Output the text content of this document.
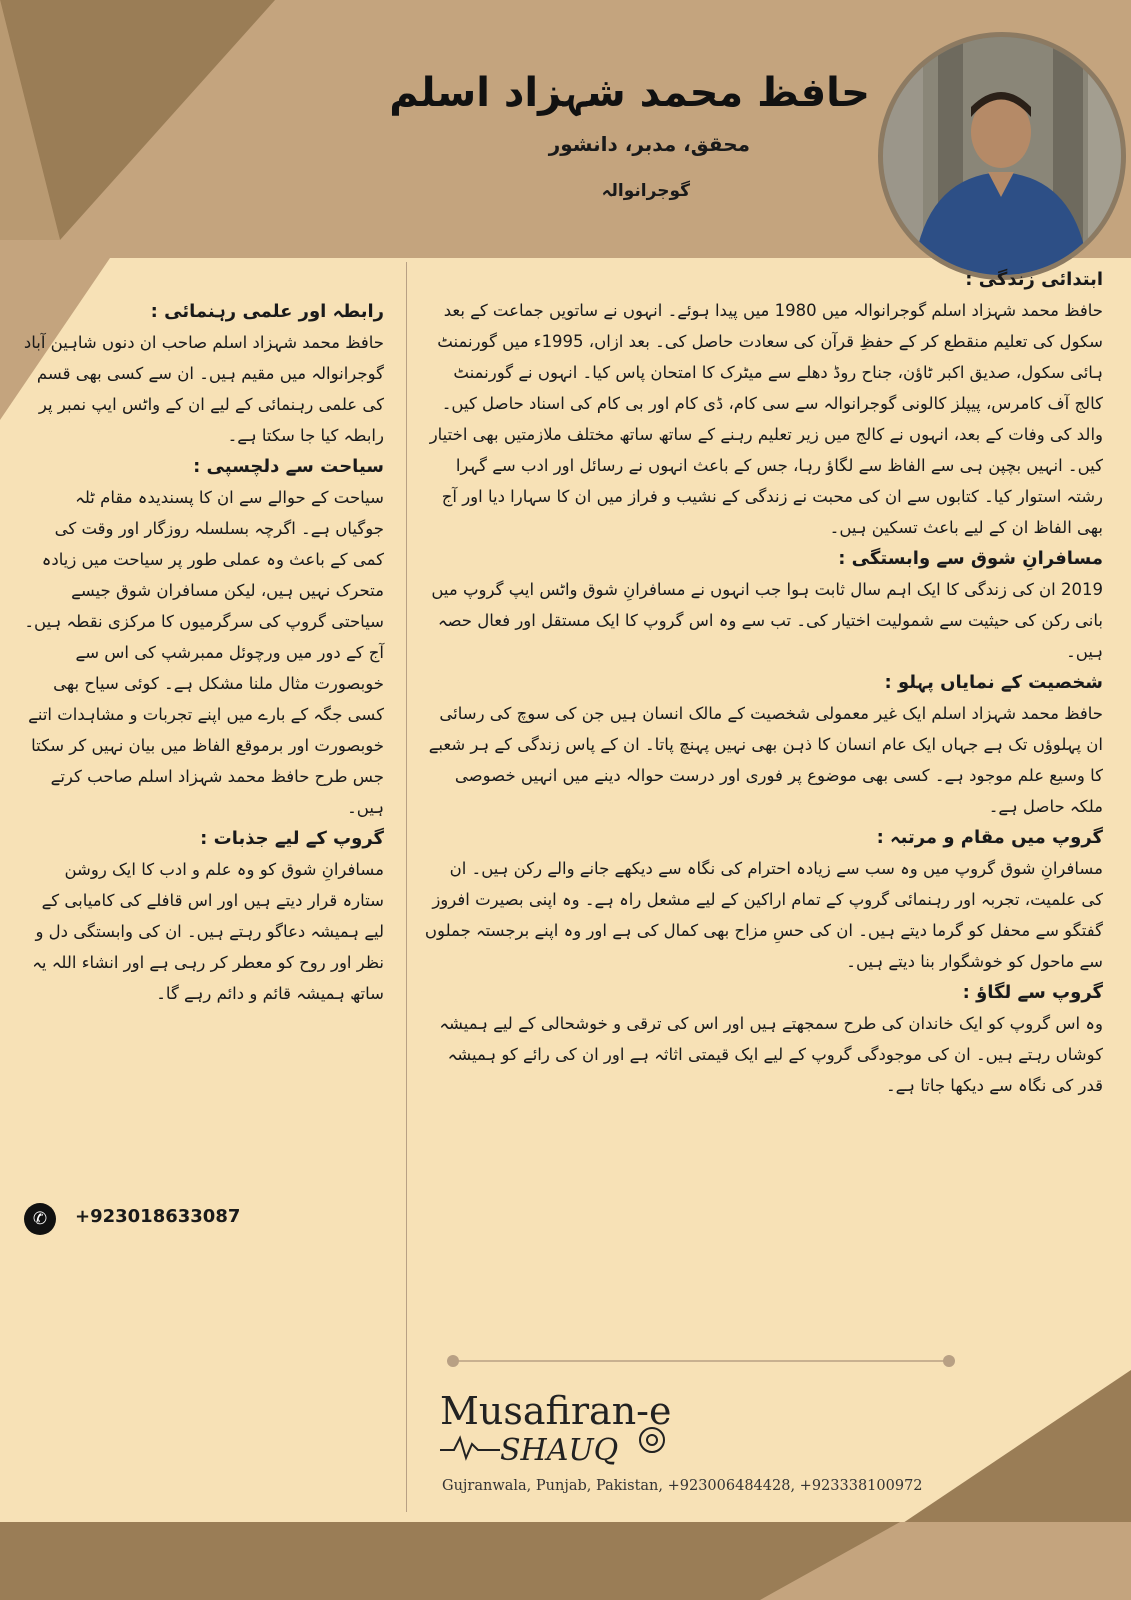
حافظ محمد شہزاد اسلم
محقق، مدبر، دانشور
گوجرانوالہ

ابتدائی زندگی :

حافظ محمد شہزاد اسلم گوجرانوالہ میں 1980 میں پیدا ہوئے۔ انہوں نے ساتویں جماعت کے بعد سکول کی تعلیم منقطع کر کے حفظِ قرآن کی سعادت حاصل کی۔ بعد ازاں، 1995ء میں گورنمنٹ ہائی سکول، صدیق اکبر ٹاؤن، جناح روڈ دھلے سے میٹرک کا امتحان پاس کیا۔ انہوں نے گورنمنٹ کالج آف کامرس، پیپلز کالونی گوجرانوالہ سے سی کام، ڈی کام اور بی کام کی اسناد حاصل کیں۔ والد کی وفات کے بعد، انہوں نے کالج میں زیر تعلیم رہنے کے ساتھ ساتھ مختلف ملازمتیں بھی اختیار کیں۔ انہیں بچپن ہی سے الفاظ سے لگاؤ رہا، جس کے باعث انہوں نے رسائل اور ادب سے گہرا رشتہ استوار کیا۔ کتابوں سے ان کی محبت نے زندگی کے نشیب و فراز میں ان کا سہارا دیا اور آج بھی الفاظ ان کے لیے باعث تسکین ہیں۔

مسافرانِ شوق سے وابستگی :

2019 ان کی زندگی کا ایک اہم سال ثابت ہوا جب انہوں نے مسافرانِ شوق واٹس ایپ گروپ میں بانی رکن کی حیثیت سے شمولیت اختیار کی۔ تب سے وہ اس گروپ کا ایک مستقل اور فعال حصہ ہیں۔

شخصیت کے نمایاں پہلو :

حافظ محمد شہزاد اسلم ایک غیر معمولی شخصیت کے مالک انسان ہیں جن کی سوچ کی رسائی ان پہلوؤں تک ہے جہاں ایک عام انسان کا ذہن بھی نہیں پہنچ پاتا۔ ان کے پاس زندگی کے ہر شعبے کا وسیع علم موجود ہے۔ کسی بھی موضوع پر فوری اور درست حوالہ دینے میں انہیں خصوصی ملکہ حاصل ہے۔

گروپ میں مقام و مرتبہ :

مسافرانِ شوق گروپ میں وہ سب سے زیادہ احترام کی نگاہ سے دیکھے جانے والے رکن ہیں۔ ان کی علمیت، تجربہ اور رہنمائی گروپ کے تمام اراکین کے لیے مشعل راہ ہے۔ وہ اپنی بصیرت افروز گفتگو سے محفل کو گرما دیتے ہیں۔ ان کی حسِ مزاح بھی کمال کی ہے اور وہ اپنے برجستہ جملوں سے ماحول کو خوشگوار بنا دیتے ہیں۔

گروپ سے لگاؤ :

وہ اس گروپ کو ایک خاندان کی طرح سمجھتے ہیں اور اس کی ترقی و خوشحالی کے لیے ہمیشہ کوشاں رہتے ہیں۔ ان کی موجودگی گروپ کے لیے ایک قیمتی اثاثہ ہے اور ان کی رائے کو ہمیشہ قدر کی نگاہ سے دیکھا جاتا ہے۔

رابطہ اور علمی رہنمائی :

حافظ محمد شہزاد اسلم صاحب ان دنوں شاہین آباد گوجرانوالہ میں مقیم ہیں۔ ان سے کسی بھی قسم کی علمی رہنمائی کے لیے ان کے واٹس ایپ نمبر پر رابطہ کیا جا سکتا ہے۔

سیاحت سے دلچسپی :

سیاحت کے حوالے سے ان کا پسندیدہ مقام ٹلہ جوگیاں ہے۔ اگرچہ بسلسلہ روزگار اور وقت کی کمی کے باعث وہ عملی طور پر سیاحت میں زیادہ متحرک نہیں ہیں، لیکن مسافران شوق جیسے سیاحتی گروپ کی سرگرمیوں کا مرکزی نقطہ ہیں۔ آج کے دور میں ورچوئل ممبرشپ کی اس سے خوبصورت مثال ملنا مشکل ہے۔ کوئی سیاح بھی کسی جگہ کے بارے میں اپنے تجربات و مشاہدات اتنے خوبصورت اور برموقع الفاظ میں بیان نہیں کر سکتا جس طرح حافظ محمد شہزاد اسلم صاحب کرتے ہیں۔

گروپ کے لیے جذبات :

مسافرانِ شوق کو وہ علم و ادب کا ایک روشن ستارہ قرار دیتے ہیں اور اس قافلے کی کامیابی کے لیے ہمیشہ دعاگو رہتے ہیں۔ ان کی وابستگی دل و نظر اور روح کو معطر کر رہی ہے اور انشاء اللہ یہ ساتھ ہمیشہ قائم و دائم رہے گا۔

✆	+923018633087
Musafiran-e
SHAUQ
Gujranwala, Punjab, Pakistan, +923006484428, +923338100972
